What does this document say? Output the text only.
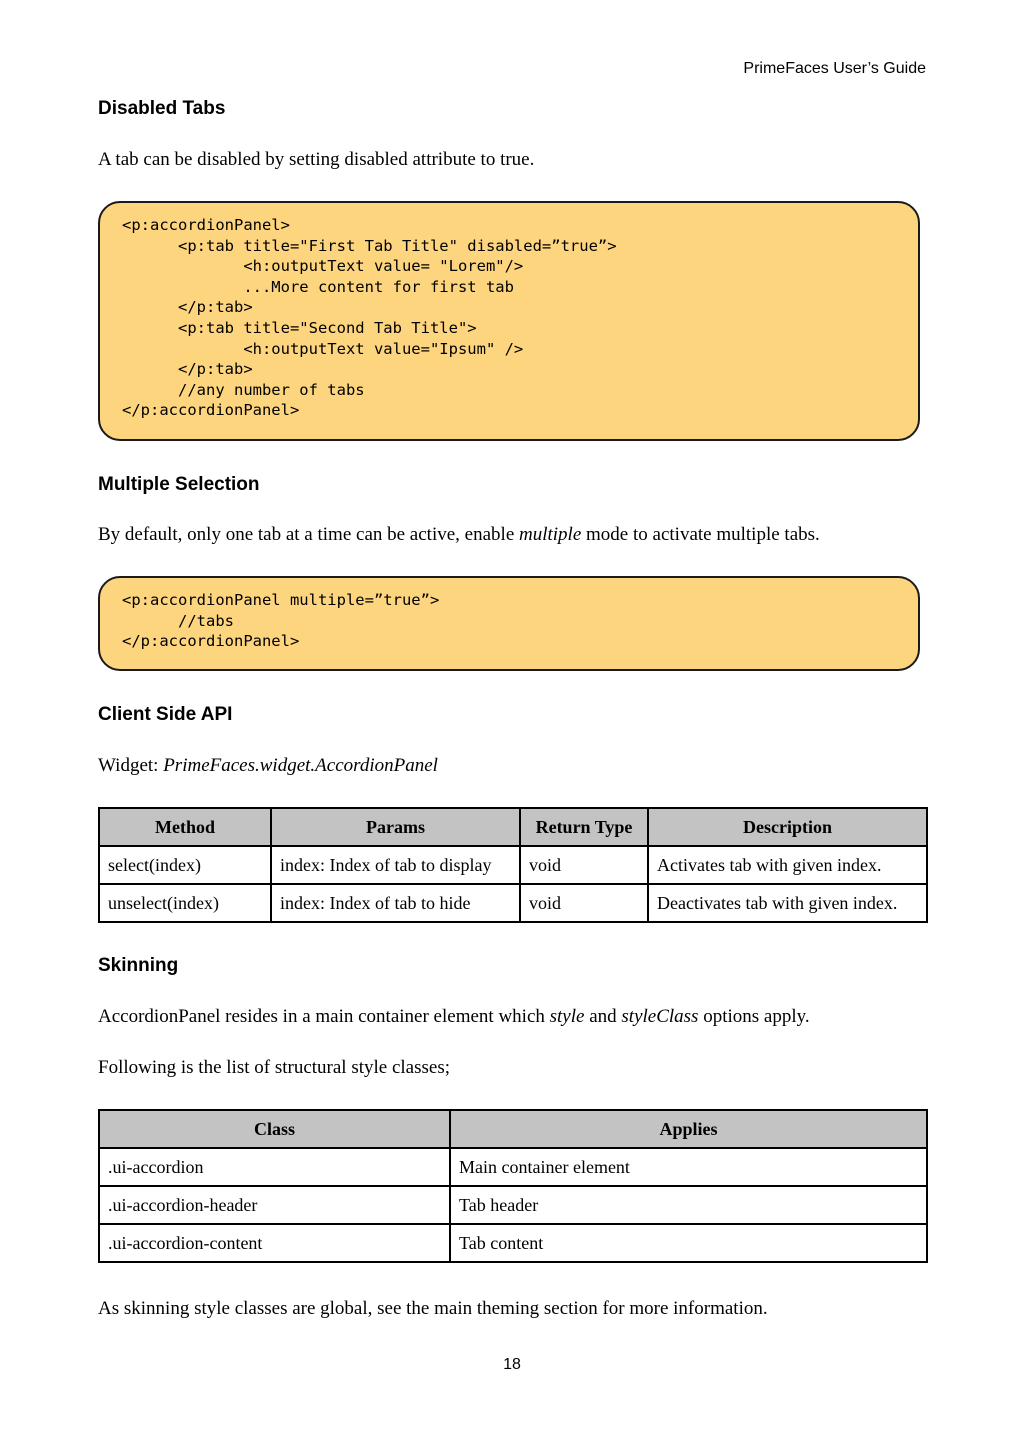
PrimeFaces User’s Guide
Disabled Tabs
A tab can be disabled by setting disabled attribute to true.
<p:accordionPanel>
<p:tab title="First Tab Title" disabled=”true”>
<h:outputText value= "Lorem"/>
...More content for first tab
</p:tab>
<p:tab title="Second Tab Title">
<h:outputText value="Ipsum" />
</p:tab>
//any number of tabs
</p:accordionPanel>
Multiple Selection
By default, only one tab at a time can be active, enable multiple mode to activate multiple tabs.
<p:accordionPanel multiple=”true”>
//tabs
</p:accordionPanel>
Client Side API
Widget: PrimeFaces.widget.AccordionPanel
Method	Params	Return Type	Description
select(index)	index: Index of tab to display	void	Activates tab with given index.
unselect(index)	index: Index of tab to hide	void	Deactivates tab with given index.
Skinning
AccordionPanel resides in a main container element which style and styleClass options apply.
Following is the list of structural style classes;
Class	Applies
.ui-accordion	Main container element
.ui-accordion-header	Tab header
.ui-accordion-content	Tab content
As skinning style classes are global, see the main theming section for more information.
18
